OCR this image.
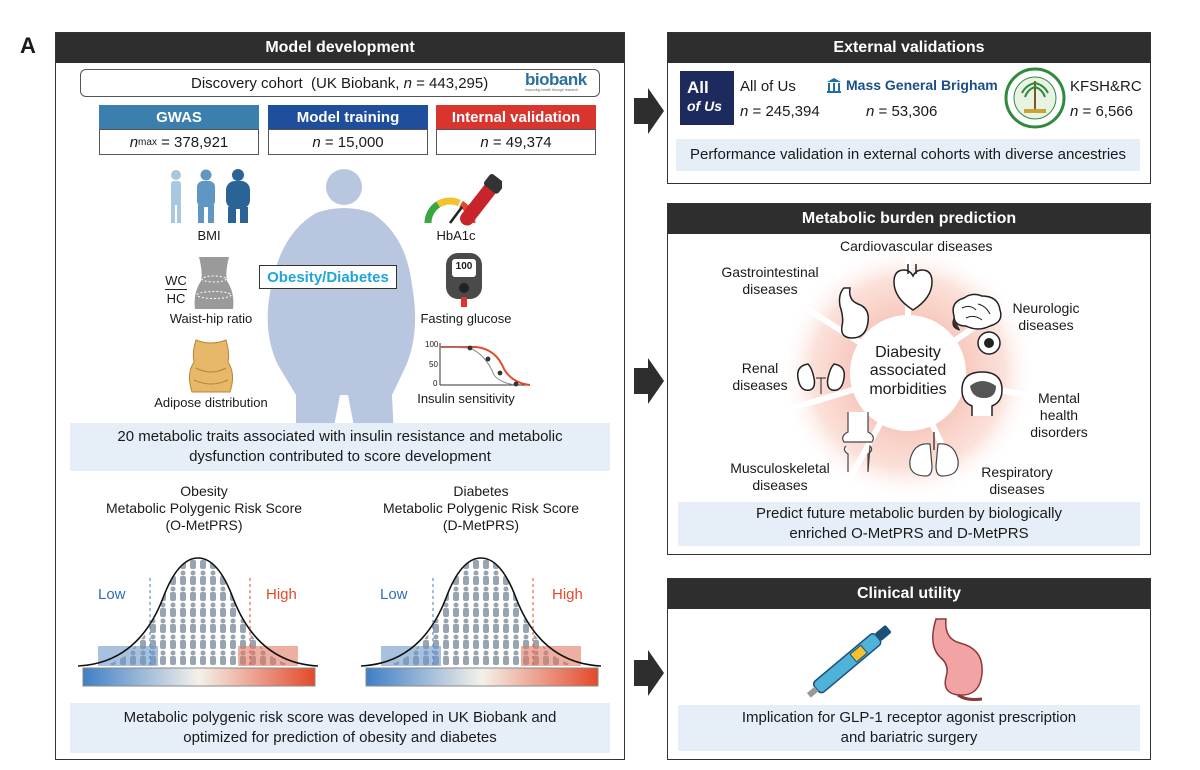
A	Model development
Discovery cohort  (UK Biobank, n = 443,295) biobank
Improving health through research
GWAS
n max = 378,921
Model training
n = 15,000
Internal validation
n = 49,374
Obesity/Diabetes
BMI
WC
HC
Waist-hip ratio
Adipose distribution
HbA1c
100
Fasting glucose
100
50
0
Insulin sensitivity
20 metabolic traits associated with insulin resistance and metabolic dysfunction contributed to score development
Obesity
Metabolic Polygenic Risk Score
(O-MetPRS)
Diabetes
Metabolic Polygenic Risk Score
(D-MetPRS)
Low	High	Low	High
Metabolic polygenic risk score was developed in UK Biobank and optimized for prediction of obesity and diabetes
External validations
All
of Us
All of Us
n = 245,394
Mass General Brigham
n = 53,306
KFSH&RC
n = 6,566
Performance validation in external cohorts with diverse ancestries
Metabolic burden prediction
Diabesity associated morbidities
Cardiovascular diseases
Neurologic diseases
Mental health disorders
Respiratory diseases
Musculoskeletal diseases
Renal diseases
Gastrointestinal diseases
Predict future metabolic burden by biologically enriched O-MetPRS and D-MetPRS
Clinical utility
Implication for GLP-1 receptor agonist prescription and bariatric surgery
